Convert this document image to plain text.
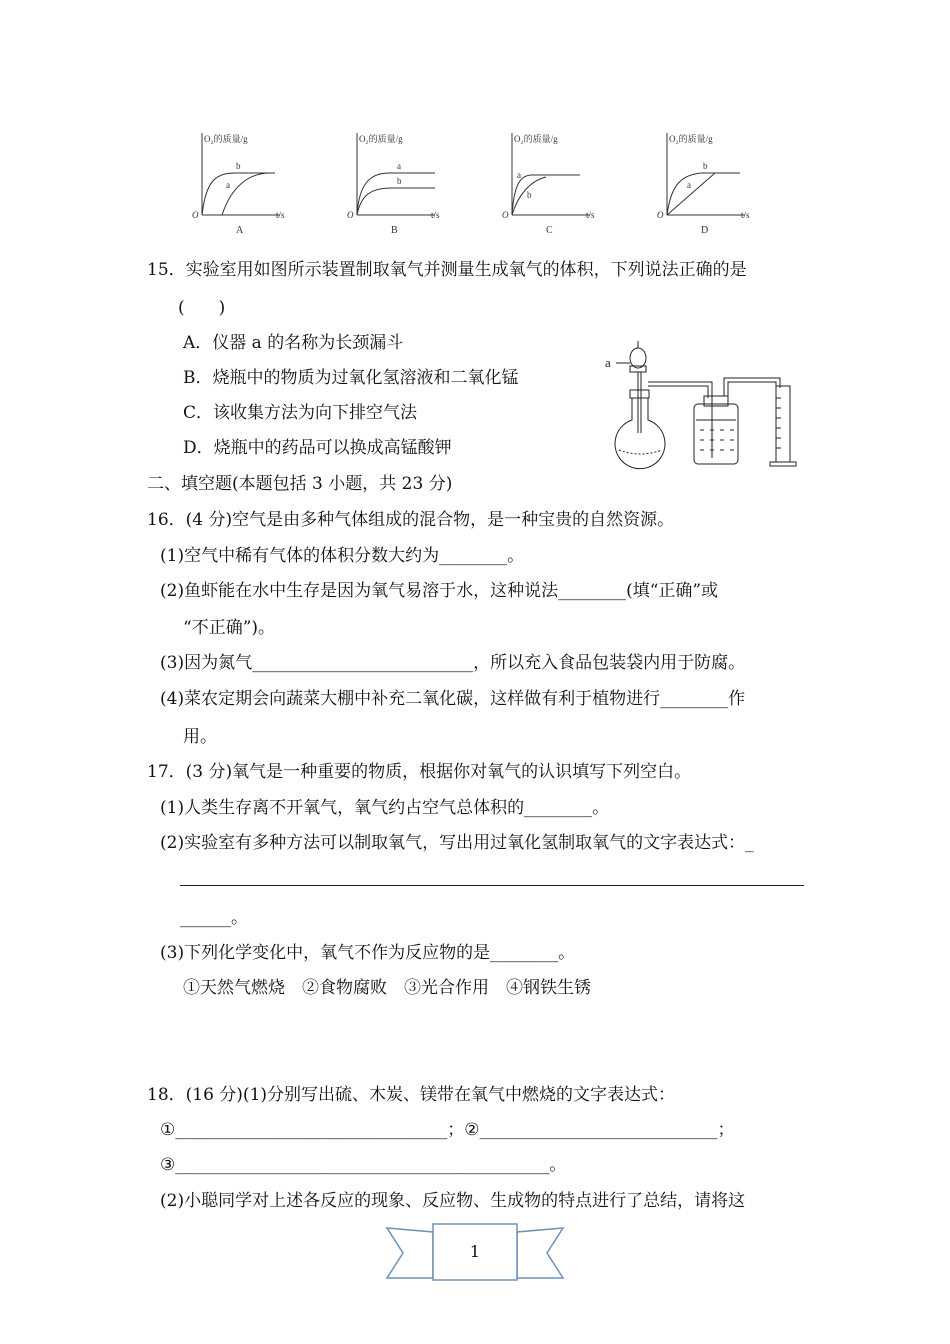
O₂的质量/g
O	t/s
b
a
A
O₂的质量/g
O	t/s
a
b
B
O₂的质量/g
O	t/s
a
b
C
O₂的质量/g
O	t/s
b
a
D
15．实验室用如图所示装置制取氧气并测量生成氧气的体积，下列说法正确的是
(　　)
A．仪器 a 的名称为长颈漏斗
B．烧瓶中的物质为过氧化氢溶液和二氧化锰
C．该收集方法为向下排空气法
D．烧瓶中的药品可以换成高锰酸钾
a
二、填空题(本题包括 3 小题，共 23 分)
16．(4 分)空气是由多种气体组成的混合物，是一种宝贵的自然资源。
(1)空气中稀有气体的体积分数大约为________。
(2)鱼虾能在水中生存是因为氧气易溶于水，这种说法________(填“正确”或
“不正确”)。
(3)因为氮气__________________________，所以充入食品包装袋内用于防腐。
(4)菜农定期会向蔬菜大棚中补充二氧化碳，这样做有利于植物进行________作
用。
17．(3 分)氧气是一种重要的物质，根据你对氧气的认识填写下列空白。
(1)人类生存离不开氧气，氧气约占空气总体积的________。
(2)实验室有多种方法可以制取氧气，写出用过氧化氢制取氧气的文字表达式：_
______。
(3)下列化学变化中，氧气不作为反应物的是________。
①天然气燃烧　②食物腐败　③光合作用　④钢铁生锈
18．(16 分)(1)分别写出硫、木炭、镁带在氧气中燃烧的文字表达式：
①________________________________；②____________________________；
③____________________________________________。
(2)小聪同学对上述各反应的现象、反应物、生成物的特点进行了总结，请将这
1
